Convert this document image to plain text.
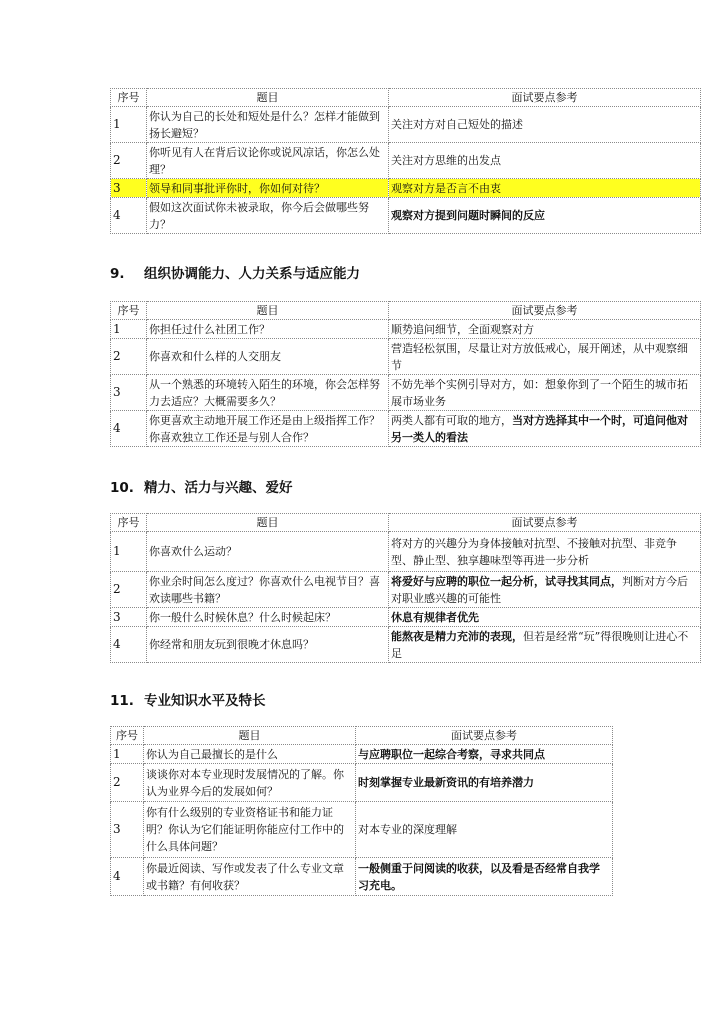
序号	题目	面试要点参考
1	你认为自己的长处和短处是什么？怎样才能做到扬长避短？	关注对方对自己短处的描述
2	你听见有人在背后议论你或说风凉话，你怎么处理？	关注对方思维的出发点
3	领导和同事批评你时，你如何对待？	观察对方是否言不由衷
4	假如这次面试你未被录取，你今后会做哪些努力？	观察对方提到问题时瞬间的反应
9. 组织协调能力、人力关系与适应能力
序号	题目	面试要点参考
1	你担任过什么社团工作？	顺势追问细节，全面观察对方
2	你喜欢和什么样的人交朋友	营造轻松氛围，尽量让对方放低戒心，展开阐述，从中观察细节
3	从一个熟悉的环境转入陌生的环境，你会怎样努力去适应？大概需要多久？	不妨先举个实例引导对方，如：想象你到了一个陌生的城市拓展市场业务
4	你更喜欢主动地开展工作还是由上级指挥工作？你喜欢独立工作还是与别人合作？	两类人都有可取的地方，当对方选择其中一个时，可追问他对另一类人的看法
10. 精力、活力与兴趣、爱好
序号	题目	面试要点参考
1	你喜欢什么运动？	将对方的兴趣分为身体接触对抗型、不接触对抗型、非竞争型、静止型、独享趣味型等再进一步分析
2	你业余时间怎么度过？你喜欢什么电视节目？喜欢读哪些书籍？	将爱好与应聘的职位一起分析，试寻找其同点，判断对方今后对职业感兴趣的可能性
3	你一般什么时候休息？什么时候起床？	休息有规律者优先
4	你经常和朋友玩到很晚才休息吗？	能熬夜是精力充沛的表现，但若是经常“玩”得很晚则让进心不足
11. 专业知识水平及特长
序号	题目	面试要点参考
1	你认为自己最擅长的是什么	与应聘职位一起综合考察，寻求共同点
2	谈谈你对本专业现时发展情况的了解。你认为业界今后的发展如何？	时刻掌握专业最新资讯的有培养潜力
3	你有什么级别的专业资格证书和能力证明？你认为它们能证明你能应付工作中的什么具体问题？	对本专业的深度理解
4	你最近阅读、写作或发表了什么专业文章或书籍？有何收获？	一般侧重于问阅读的收获，以及看是否经常自我学习充电。
